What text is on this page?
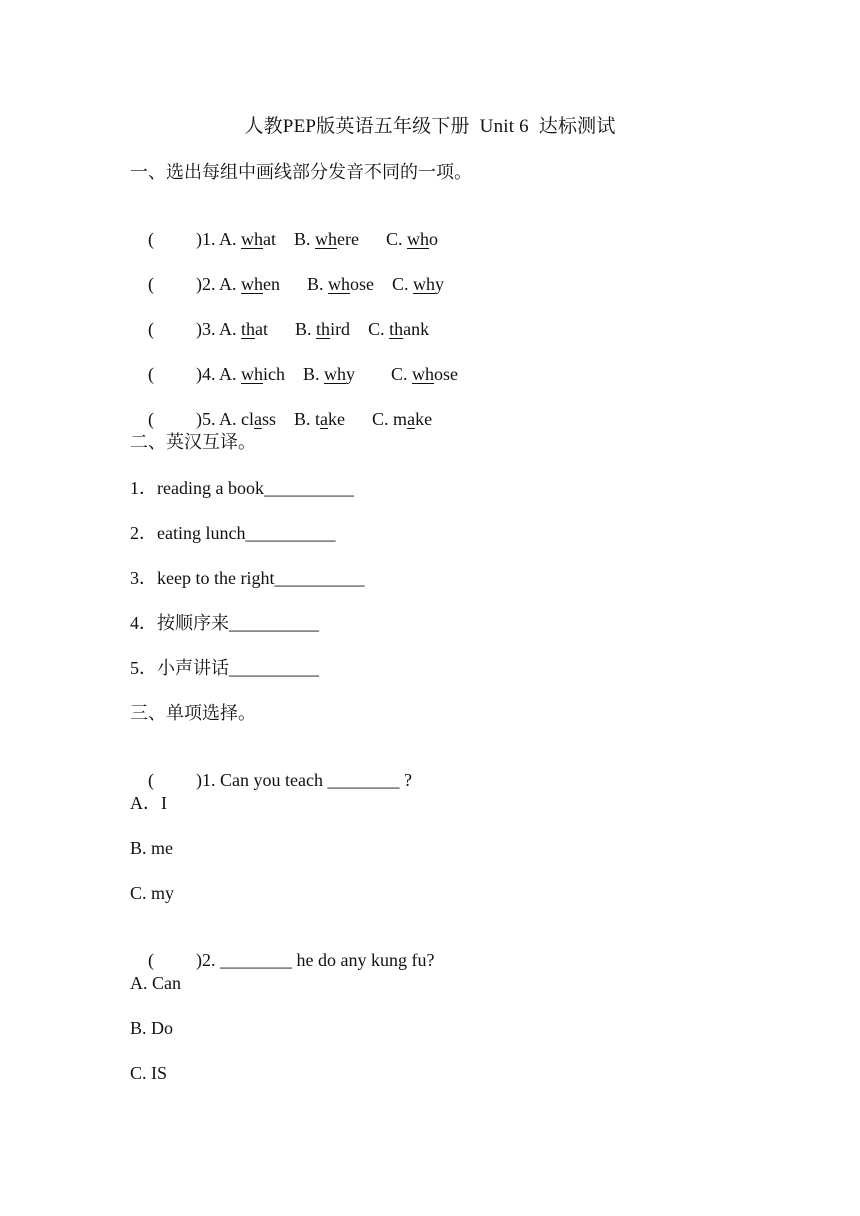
人教PEP版英语五年级下册  Unit 6  达标测试
一、选出每组中画线部分发音不同的一项。

( )1. A. what B. where C. who

( )2. A. when B. whose C. why

( )3. A. that B. third C. thank

( )4. A. which B. why C. whose

( )5. A. class B. take C. make

二、英汉互译。
1．reading a book__________
2．eating lunch__________
3．keep to the right__________
4．按顺序来__________
5．小声讲话__________
三、单项选择。

( )1. Can you teach ________ ?

A．I
B. me
C. my

( )2. ________ he do any kung fu?

A. Can
B. Do
C. IS
